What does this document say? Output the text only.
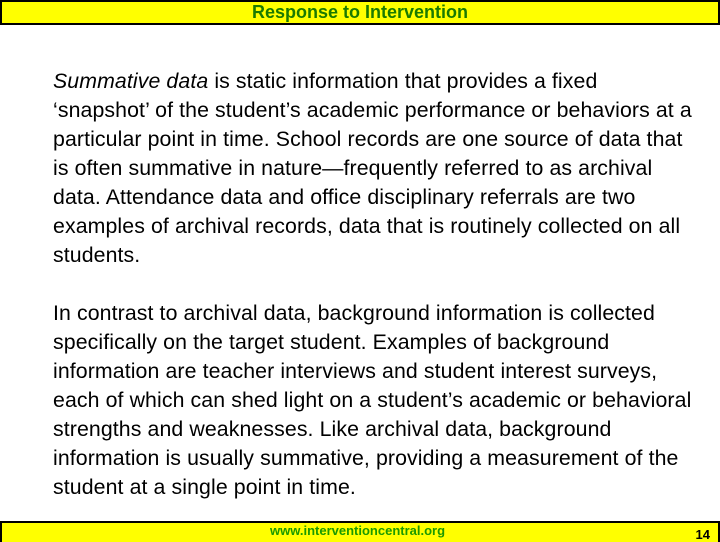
Response to Intervention

Summative data is static information that provides a fixed ‘snapshot’ of the student’s academic performance or behaviors at a particular point in time. School records are one source of data that is often summative in nature—frequently referred to as archival data. Attendance data and office disciplinary referrals are two examples of archival records, data that is routinely collected on all students.

In contrast to archival data, background information is collected specifically on the target student. Examples of background information are teacher interviews and student interest surveys, each of which can shed light on a student’s academic or behavioral strengths and weaknesses. Like archival data, background information is usually summative, providing a measurement of the student at a single point in time.

www.interventioncentral.org	14
